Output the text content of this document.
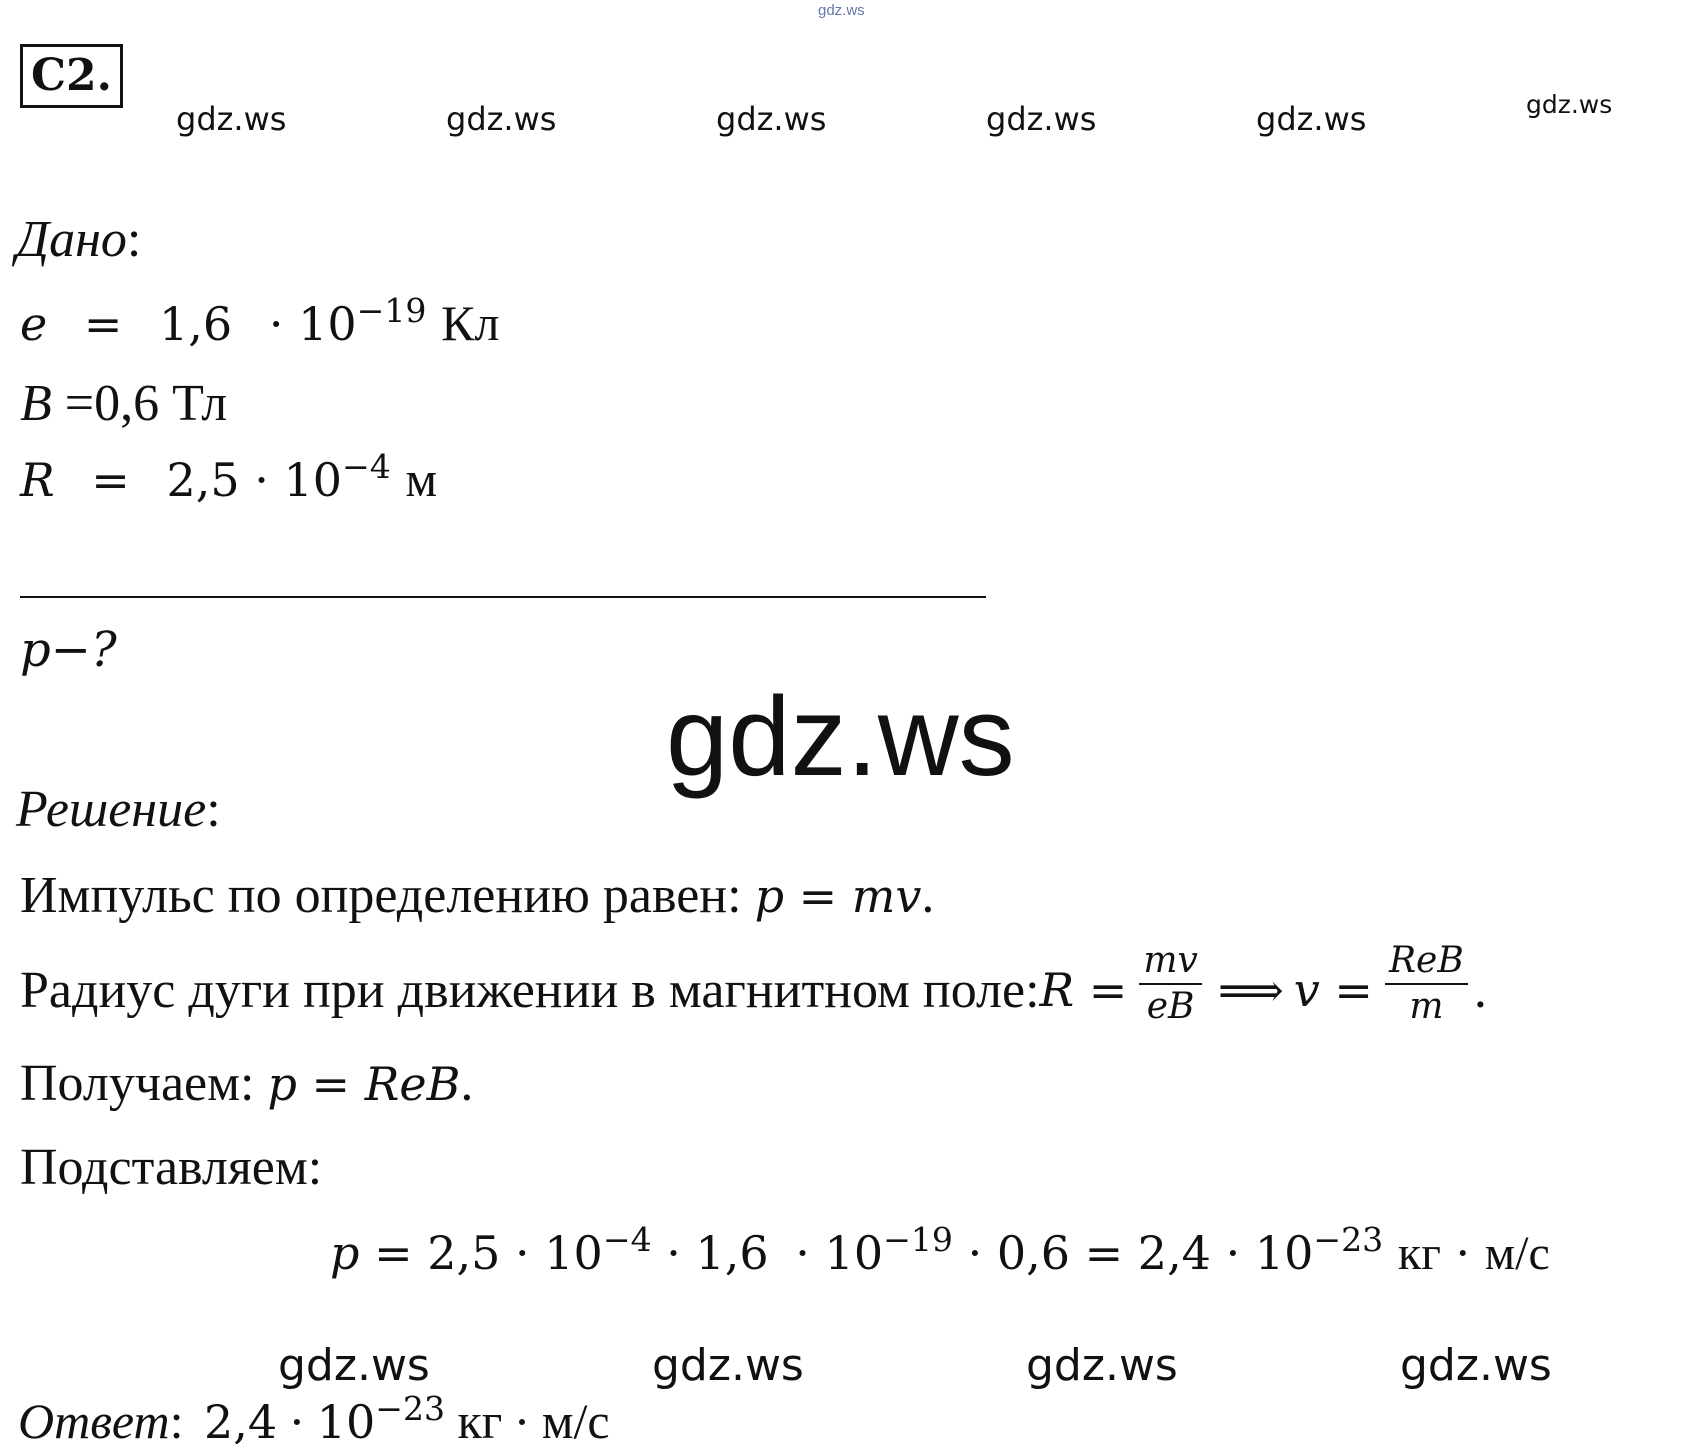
gdz.ws
C2.
gdz.ws	gdz.ws	gdz.ws	gdz.ws	gdz.ws	gdz.ws
Дано:
$e = 1,6 \cdot 10^{-19}$ Кл
B =0,6 Тл
$R = 2,5 \cdot 10^{-4}$ м
p−?
gdz.ws
Решение:
Импульс по определению равен: p = mv.
Радиус дуги при движении в магнитном поле: $R = \frac{mv}{eB}$ ⟹ $v = \frac{\text{ReB}}{m}$ .
Получаем: p = ReB.
Подставляем:
$p = 2,5 \cdot 10^{-4} \cdot 1,6 \cdot 10^{-19} \cdot 0,6 = 2,4 \cdot 10^{-23}$ кг · м/с
gdz.ws	gdz.ws	gdz.ws	gdz.ws
Ответ: $2,4 \cdot 10^{-23}$ кг · м/с
